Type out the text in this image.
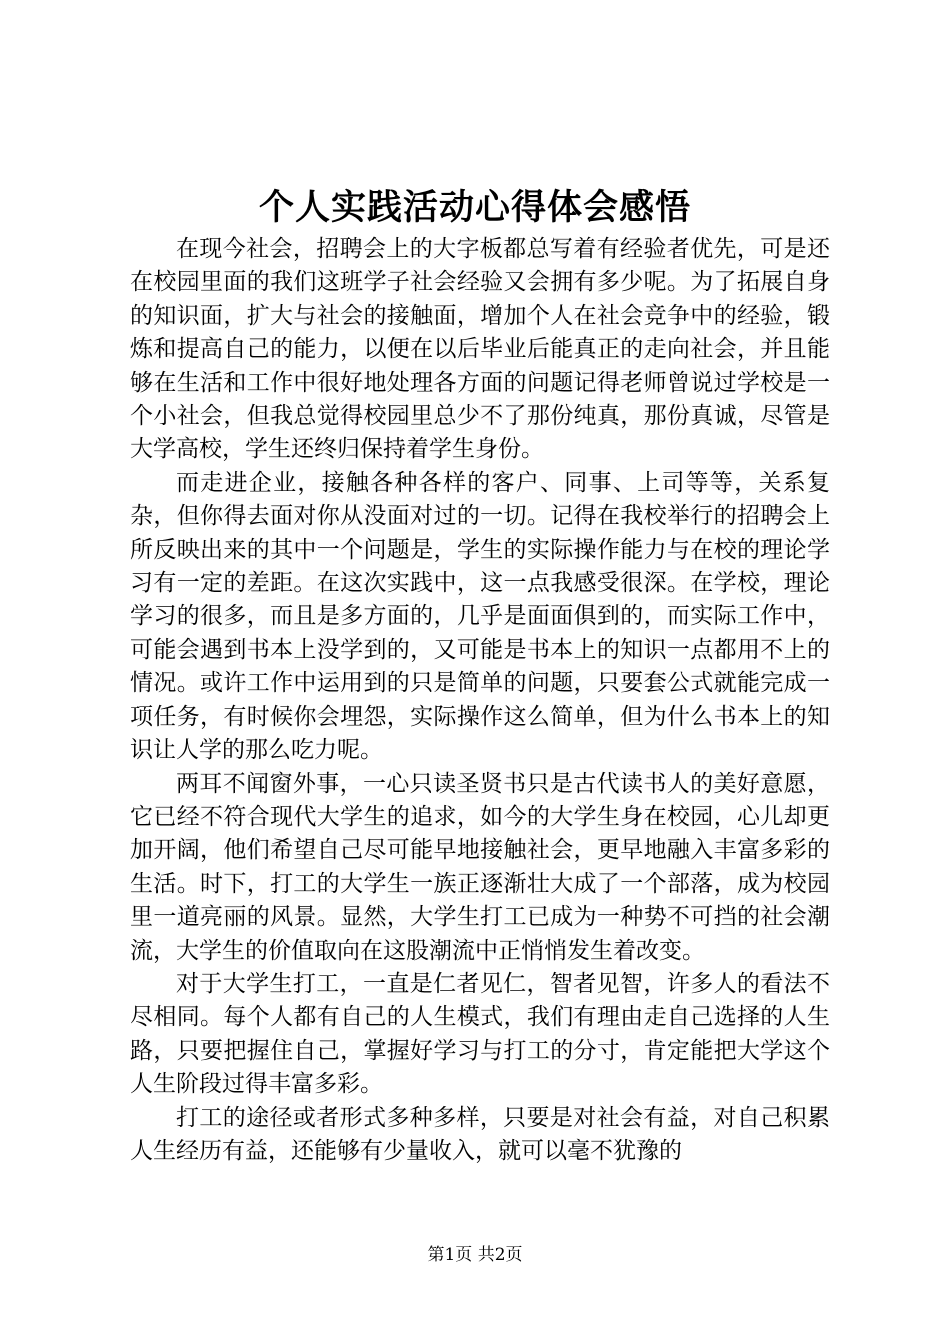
个人实践活动心得体会感悟

在现今社会，招聘会上的大字板都总写着有经验者优先，可是还在校园里面的我们这班学子社会经验又会拥有多少呢。为了拓展自身的知识面，扩大与社会的接触面，增加个人在社会竞争中的经验，锻炼和提高自己的能力，以便在以后毕业后能真正的走向社会，并且能够在生活和工作中很好地处理各方面的问题记得老师曾说过学校是一个小社会，但我总觉得校园里总少不了那份纯真，那份真诚，尽管是大学高校，学生还终归保持着学生身份。

而走进企业，接触各种各样的客户、同事、上司等等，关系复杂，但你得去面对你从没面对过的一切。记得在我校举行的招聘会上所反映出来的其中一个问题是，学生的实际操作能力与在校的理论学习有一定的差距。在这次实践中，这一点我感受很深。在学校，理论学习的很多，而且是多方面的，几乎是面面俱到的，而实际工作中，可能会遇到书本上没学到的，又可能是书本上的知识一点都用不上的情况。或许工作中运用到的只是简单的问题，只要套公式就能完成一项任务，有时候你会埋怨，实际操作这么简单，但为什么书本上的知识让人学的那么吃力呢。

两耳不闻窗外事，一心只读圣贤书只是古代读书人的美好意愿，它已经不符合现代大学生的追求，如今的大学生身在校园，心儿却更加开阔，他们希望自己尽可能早地接触社会，更早地融入丰富多彩的生活。时下，打工的大学生一族正逐渐壮大成了一个部落，成为校园里一道亮丽的风景。显然，大学生打工已成为一种势不可挡的社会潮流，大学生的价值取向在这股潮流中正悄悄发生着改变。

对于大学生打工，一直是仁者见仁，智者见智，许多人的看法不尽相同。每个人都有自己的人生模式，我们有理由走自己选择的人生路，只要把握住自己，掌握好学习与打工的分寸，肯定能把大学这个人生阶段过得丰富多彩。

打工的途径或者形式多种多样，只要是对社会有益，对自己积累人生经历有益，还能够有少量收入，就可以毫不犹豫的

第1页 共2页
